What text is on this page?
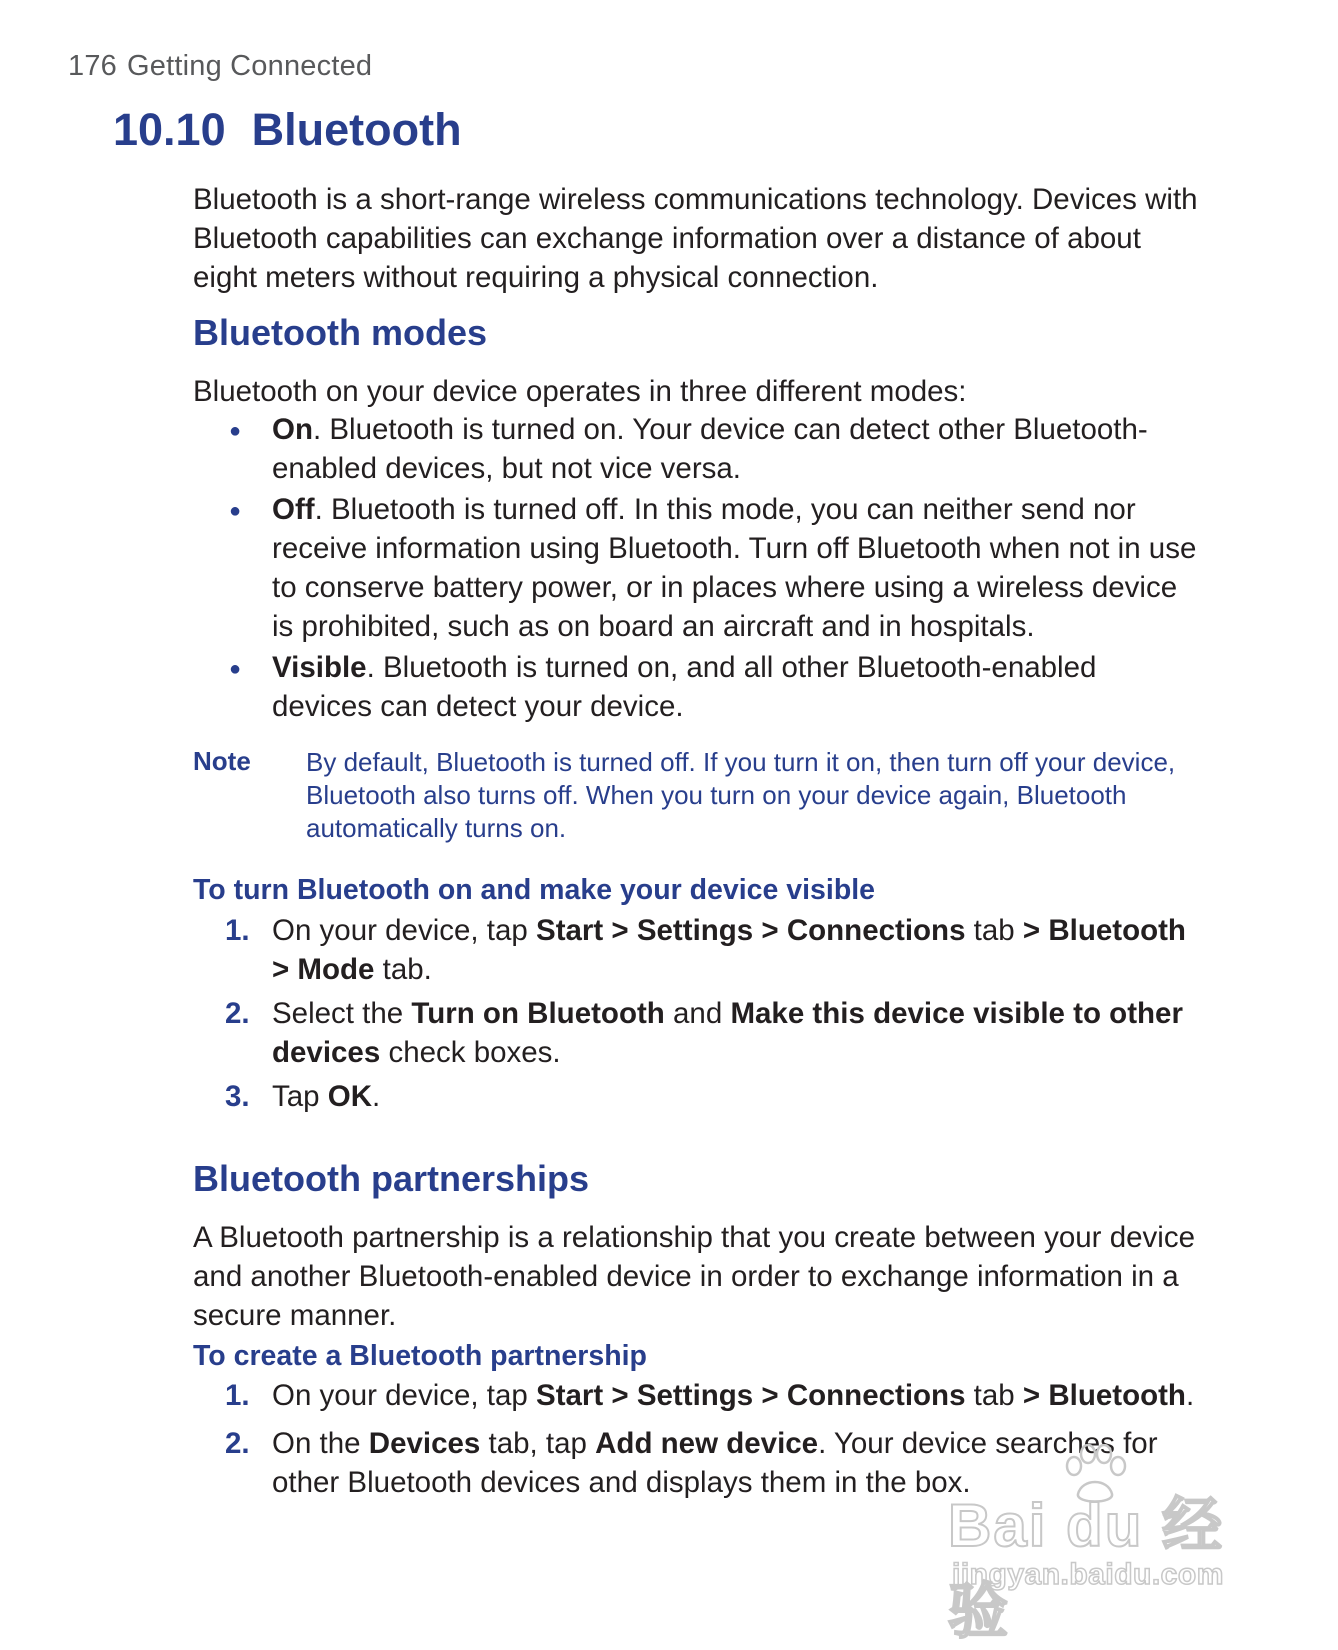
176 Getting Connected
10.10 Bluetooth

Bluetooth is a short-range wireless communications technology. Devices with Bluetooth capabilities can exchange information over a distance of about eight meters without requiring a physical connection.

Bluetooth modes

Bluetooth on your device operates in three different modes:

● On. Bluetooth is turned on. Your device can detect other Bluetooth-enabled devices, but not vice versa.
● Off. Bluetooth is turned off. In this mode, you can neither send nor receive information using Bluetooth. Turn off Bluetooth when not in use to conserve battery power, or in places where using a wireless device is prohibited, such as on board an aircraft and in hospitals.
● Visible. Bluetooth is turned on, and all other Bluetooth-enabled devices can detect your device.
Note By default, Bluetooth is turned off. If you turn it on, then turn off your device, Bluetooth also turns off. When you turn on your device again, Bluetooth automatically turns on.
To turn Bluetooth on and make your device visible
1. On your device, tap Start > Settings > Connections tab > Bluetooth > Mode tab.
2. Select the Turn on Bluetooth and Make this device visible to other devices check boxes.
3. Tap OK.
Bluetooth partnerships

A Bluetooth partnership is a relationship that you create between your device and another Bluetooth-enabled device in order to exchange information in a secure manner.

To create a Bluetooth partnership
1. On your device, tap Start > Settings > Connections tab > Bluetooth.
2. On the Devices tab, tap Add new device. Your device searches for other Bluetooth devices and displays them in the box.
Bai du 经验
jingyan.baidu.com
